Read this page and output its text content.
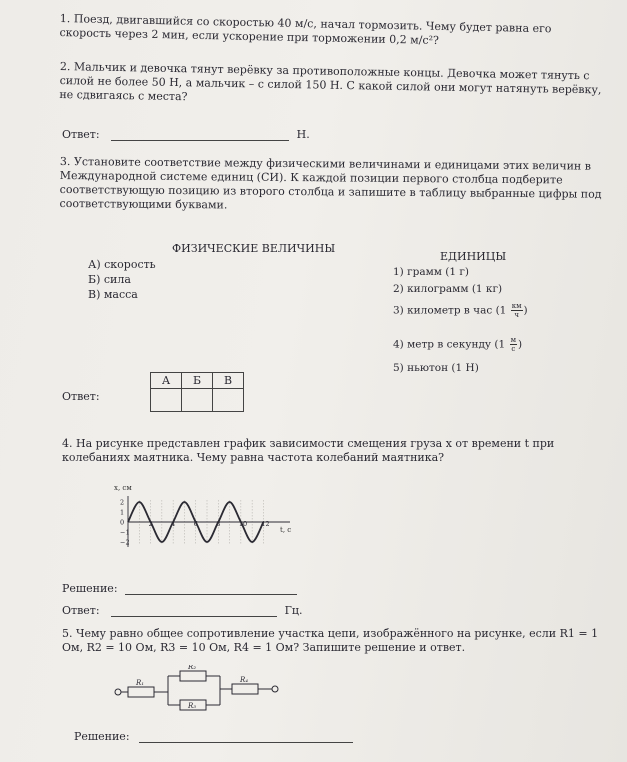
1. Поезд, двигавшийся со скоростью 40 м/с, начал тормозить. Чему будет равна его скорость через 2 мин, если ускорение при торможении 0,2 м/с²?

2. Мальчик и девочка тянут верёвку за противоположные концы. Девочка может тянуть с силой не более 50 Н, а мальчик – с силой 150 Н. С какой силой они могут натянуть верёвку, не сдвигаясь с места?

Ответ:	Н.

3. Установите соответствие между физическими величинами и единицами этих величин в Международной системе единиц (СИ). К каждой позиции первого столбца подберите соответствующую позицию из второго столбца и запишите в таблицу выбранные цифры под соответствующими буквами.

ФИЗИЧЕСКИЕ ВЕЛИЧИНЫ
ЕДИНИЦЫ
А) скорость
Б) сила
В) масса
1) грамм (1 г)
2) килограмм (1 кг)
3) километр в час ($1 \frac{км}{ч}$ )
4) метр в секунду ($1 \frac{м}{с}$ )
5) ньютон (1 Н)
Ответ:
А	Б	В

4. На рисунке представлен график зависимости смещения груза x от времени t при колебаниях маятника. Чему равна частота колебаний маятника?

x, см
t, с
2
1
0
−1
−2
2	4	6	8	10 12
Решение:
Ответ:	Гц.

5. Чему равно общее сопротивление участка цепи, изображённого на рисунке, если R1 = 1 Ом, R2 = 10 Ом, R3 = 10 Ом, R4 = 1 Ом? Запишите решение и ответ.

R₁
R₂
R₃
R₄
Решение:
